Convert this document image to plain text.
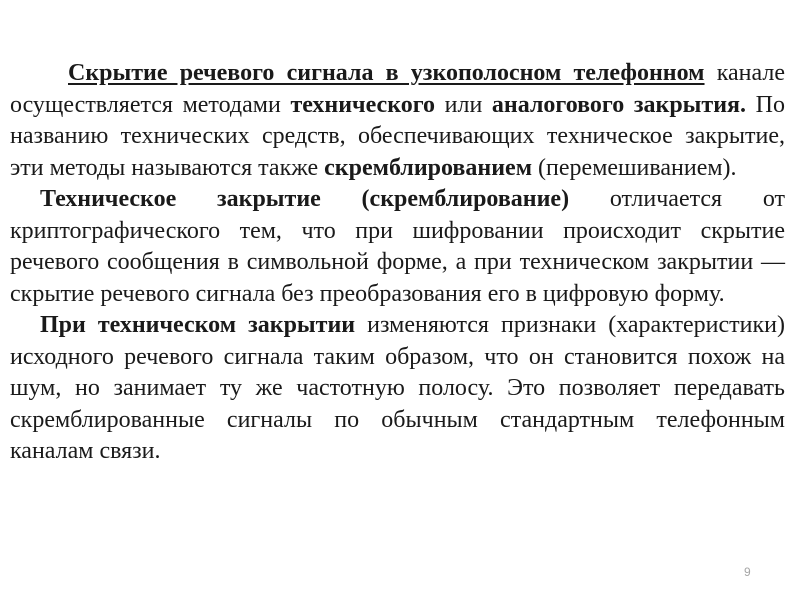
Скрытие речевого сигнала в узкополосном телефонном канале осуществляется методами технического или аналогового закрытия. По названию технических средств, обеспечивающих техническое закрытие, эти методы называются также скремблированием (перемешиванием).

Техническое закрытие (скремблирование) отличается от криптографического тем, что при шифровании происходит скрытие речевого сообщения в символьной форме, а при техническом закрытии — скрытие речевого сигнала без преобразования его в цифровую форму.

При техническом закрытии изменяются признаки (характеристики) исходного речевого сигнала таким образом, что он становится похож на шум, но занимает ту же частотную полосу. Это позволяет передавать скремблированные сигналы по обычным стандартным телефонным каналам связи.

9
